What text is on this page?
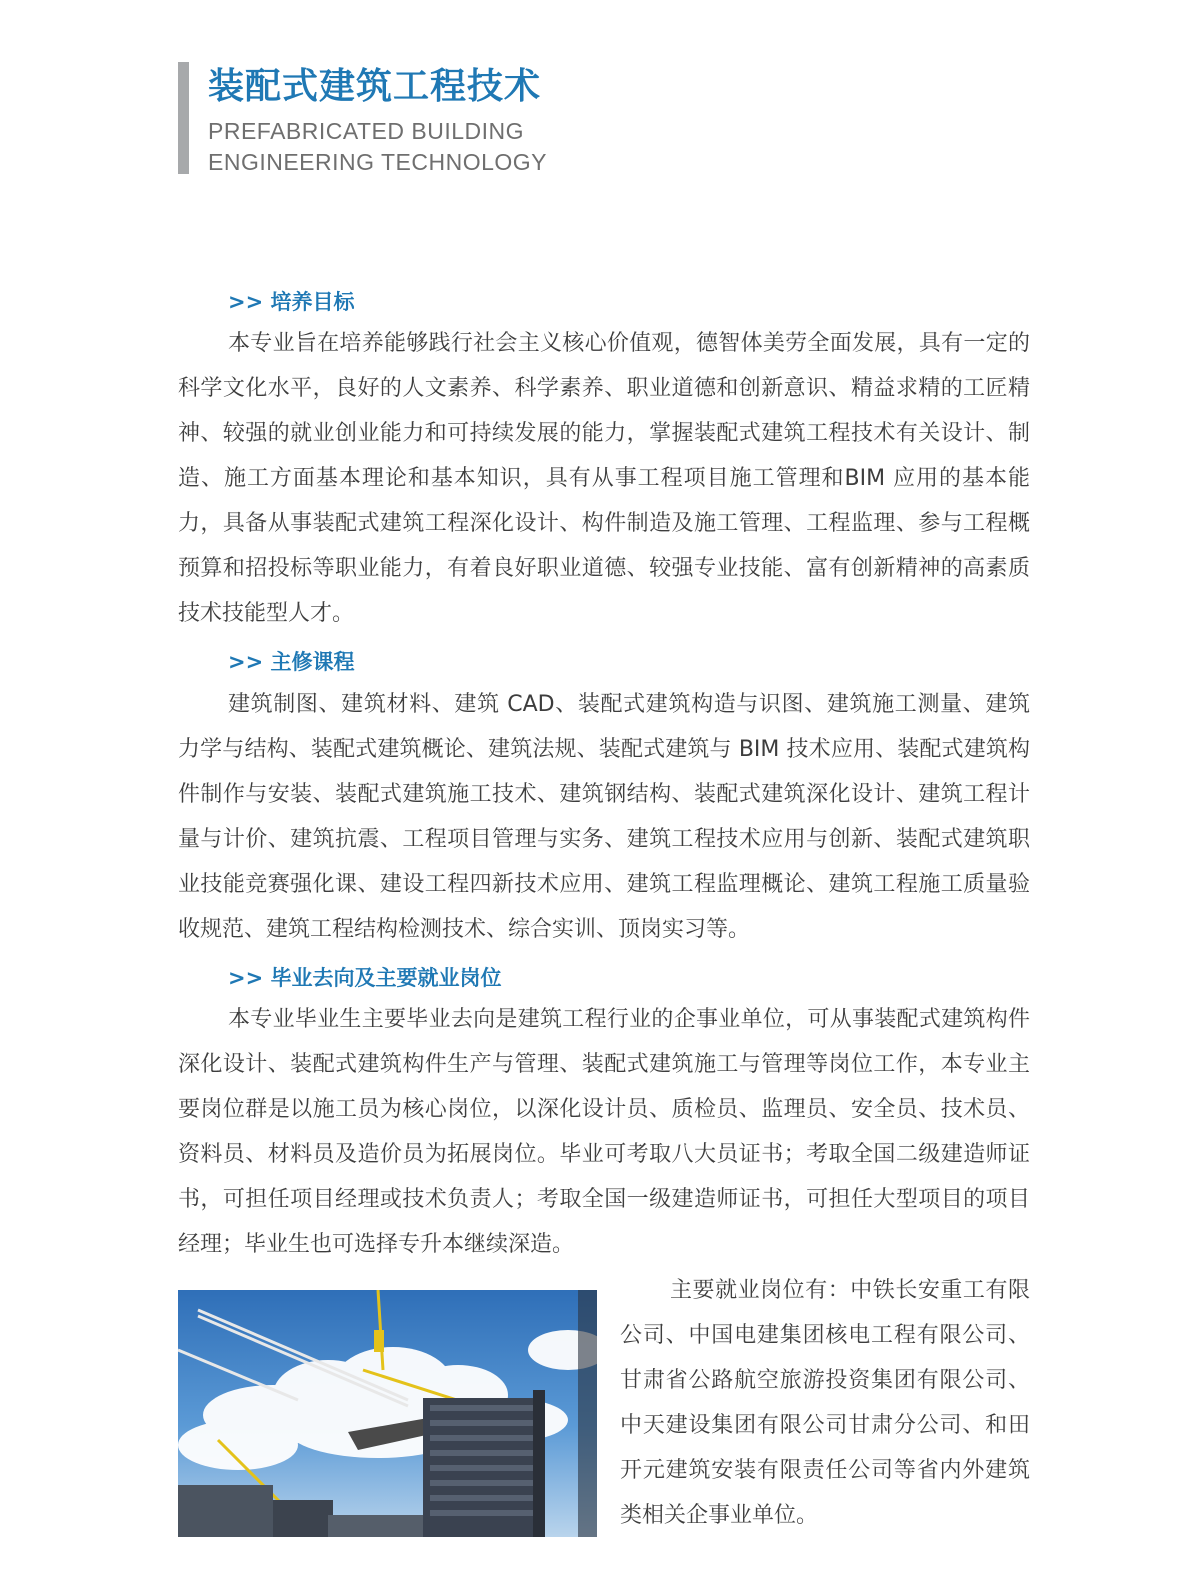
装配式建筑工程技术
PREFABRICATED BUILDING
ENGINEERING TECHNOLOGY
>> 培养目标

本专业旨在培养能够践行社会主义核心价值观，德智体美劳全面发展，具有一定的科学文化水平，良好的人文素养、科学素养、职业道德和创新意识、精益求精的工匠精神、较强的就业创业能力和可持续发展的能力，掌握装配式建筑工程技术有关设计、制造、施工方面基本理论和基本知识，具有从事工程项目施工管理和BIM 应用的基本能力，具备从事装配式建筑工程深化设计、构件制造及施工管理、工程监理、参与工程概预算和招投标等职业能力，有着良好职业道德、较强专业技能、富有创新精神的高素质技术技能型人才。

>> 主修课程

建筑制图、建筑材料、建筑 CAD、装配式建筑构造与识图、建筑施工测量、建筑力学与结构、装配式建筑概论、建筑法规、装配式建筑与 BIM 技术应用、装配式建筑构件制作与安装、装配式建筑施工技术、建筑钢结构、装配式建筑深化设计、建筑工程计量与计价、建筑抗震、工程项目管理与实务、建筑工程技术应用与创新、装配式建筑职业技能竞赛强化课、建设工程四新技术应用、建筑工程监理概论、建筑工程施工质量验收规范、建筑工程结构检测技术、综合实训、顶岗实习等。

>> 毕业去向及主要就业岗位

本专业毕业生主要毕业去向是建筑工程行业的企事业单位，可从事装配式建筑构件深化设计、装配式建筑构件生产与管理、装配式建筑施工与管理等岗位工作，本专业主要岗位群是以施工员为核心岗位，以深化设计员、质检员、监理员、安全员、技术员、资料员、材料员及造价员为拓展岗位。毕业可考取八大员证书；考取全国二级建造师证书，可担任项目经理或技术负责人；考取全国一级建造师证书，可担任大型项目的项目经理；毕业生也可选择专升本继续深造。

主要就业岗位有：中铁长安重工有限公司、中国电建集团核电工程有限公司、甘肃省公路航空旅游投资集团有限公司、中天建设集团有限公司甘肃分公司、和田开元建筑安装有限责任公司等省内外建筑类相关企事业单位。
